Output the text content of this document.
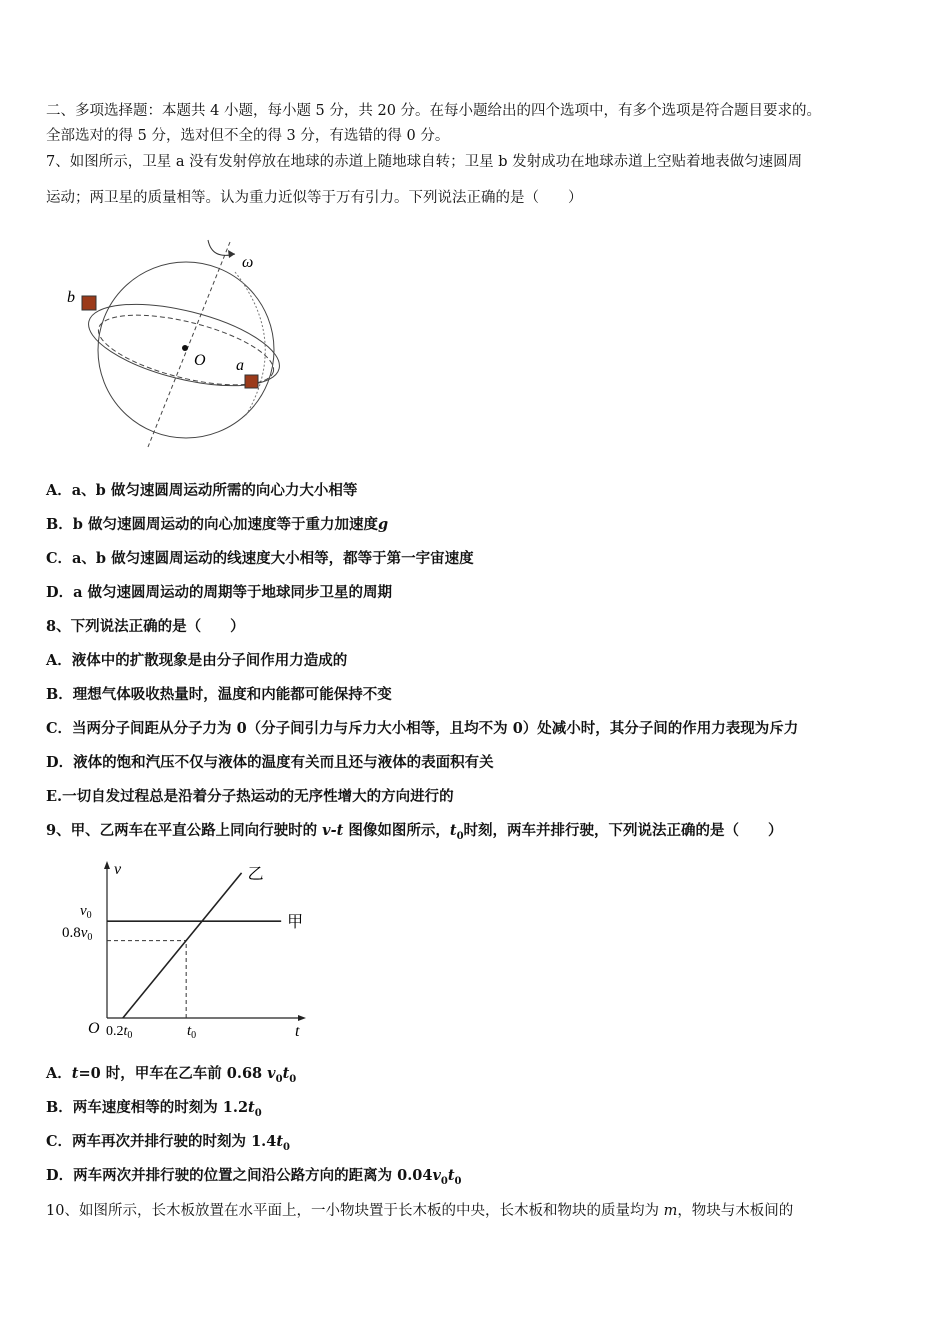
二、多项选择题：本题共 4 小题，每小题 5 分，共 20 分。在每小题给出的四个选项中，有多个选项是符合题目要求的。
全部选对的得 5 分，选对但不全的得 3 分，有选错的得 0 分。
7、如图所示，卫星 a 没有发射停放在地球的赤道上随地球自转；卫星 b 发射成功在地球赤道上空贴着地表做匀速圆周
运动；两卫星的质量相等。认为重力近似等于万有引力。下列说法正确的是（　　）
ω
O
b
a
A．a、b 做匀速圆周运动所需的向心力大小相等
B．b 做匀速圆周运动的向心加速度等于重力加速度g
C．a、b 做匀速圆周运动的线速度大小相等，都等于第一宇宙速度
D．a 做匀速圆周运动的周期等于地球同步卫星的周期
8、下列说法正确的是（　　）
A．液体中的扩散现象是由分子间作用力造成的
B．理想气体吸收热量时，温度和内能都可能保持不变
C．当两分子间距从分子力为 0（分子间引力与斥力大小相等，且均不为 0）处减小时，其分子间的作用力表现为斥力
D．液体的饱和汽压不仅与液体的温度有关而且还与液体的表面积有关
E.一切自发过程总是沿着分子热运动的无序性增大的方向进行的
9、甲、乙两车在平直公路上同向行驶时的 v-t 图像如图所示，$t_0$时刻，两车并排行驶，下列说法正确的是（　　）
v
t
O
$v_0$
$0.8v_0$
$0.2t_0$	$t_0$
甲
乙
A．t=0 时，甲车在乙车前 0.68 $v_0t_0$
B．两车速度相等的时刻为 $1.2t_0$
C．两车再次并排行驶的时刻为 $1.4t_0$
D．两车两次并排行驶的位置之间沿公路方向的距离为 $0.04v_0t_0$
10、如图所示，长木板放置在水平面上，一小物块置于长木板的中央，长木板和物块的质量均为 m，物块与木板间的
